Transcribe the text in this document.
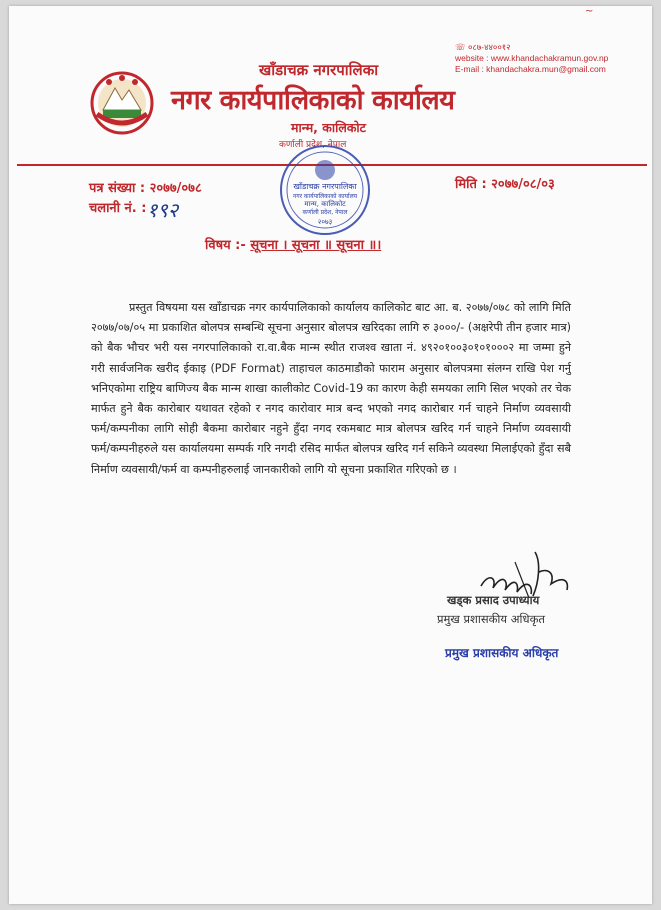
~
खाँडाचक्र नगरपालिका
नगर कार्यपालिकाको कार्यालय
☏ ०८७-४४००१२
website : www.khandachakramun.gov.np
E-mail : khandachakra.mun@gmail.com
मान्म, कालिकोट
कर्णाली प्रदेश, नेपाल
खाँडाचक्र नगरपालिका
नगर कार्यपालिकाको कार्यालय
मान्म, कालिकोट
कर्णाली प्रदेश, नेपाल
२०७३
पत्र संख्या : २०७७/०७८
चलानी नं. : १९२
मिति : २०७७/०८/०३
विषय :- सूचना । सूचना ॥ सूचना ॥।

प्रस्तुत विषयमा यस खाँडाचक्र नगर कार्यपालिकाको कार्यालय कालिकोट बाट आ. ब. २०७७/०७८ को लागि मिति २०७७/०७/०५ मा प्रकाशित बोलपत्र सम्बन्धि सूचना अनुसार बोलपत्र खरिदका लागि रु ३०००/- (अक्षरेपी तीन हजार मात्र) को बैक भौचर भरी यस नगरपालिकाको रा.वा.बैक मान्म स्थीत राजश्व खाता नं. ४९२०१००३०१०१०००२ मा जम्मा हुने गरी सार्वजनिक खरीद ईकाइ (PDF Format) ताहाचल काठमाडौको फाराम अनुसार बोलपत्रमा संलग्न राखि पेश गर्नु भनिएकोमा राष्ट्रिय बाणिज्य बैक मान्म शाखा कालीकोट Covid-19 का कारण केही समयका लागि सिल भएको तर चेक मार्फत हुने बैक कारोबार यथावत रहेको र नगद कारोवार मात्र बन्द भएको नगद कारोबार गर्न चाहने निर्माण व्यवसायी फर्म/कम्पनीका लागि सोही बैकमा कारोबार नहुने हुँदा नगद रकमबाट मात्र बोलपत्र खरिद गर्न चाहने निर्माण व्यवसायी फर्म/कम्पनीहरुले यस कार्यालयमा सम्पर्क गरि नगदी रसिद मार्फत बोलपत्र खरिद गर्न सकिने व्यवस्था मिलाईएको हुँदा सबै निर्माण व्यवसायी/फर्म वा कम्पनीहरुलाई जानकारीको लागि यो सूचना प्रकाशित गरिएको छ ।

खड्क प्रसाद उपाध्याय
प्रमुख प्रशासकीय अधिकृत
प्रमुख प्रशासकीय अधिकृत
